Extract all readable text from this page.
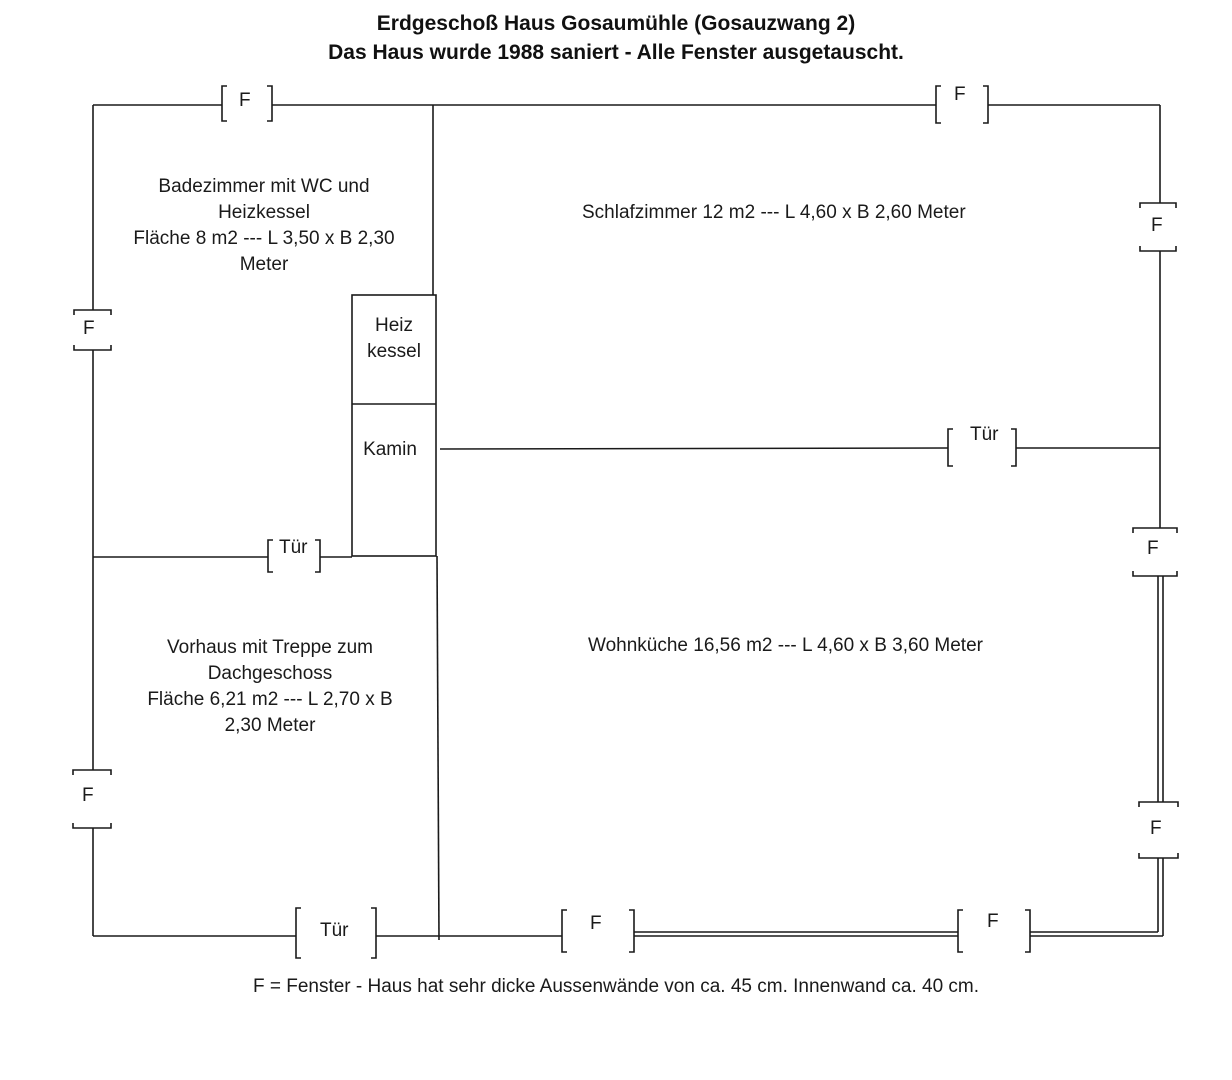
Erdgeschoß Haus Gosaumühle (Gosauzwang 2)
Das Haus wurde 1988 saniert - Alle Fenster ausgetauscht.
Badezimmer mit WC und
Heizkessel
Fläche 8 m2 --- L 3,50 x B 2,30
Meter
Schlafzimmer 12 m2 --- L 4,60 x B 2,60 Meter
Vorhaus mit Treppe zum
Dachgeschoss
Fläche 6,21 m2 --- L 2,70 x B
2,30 Meter
Wohnküche 16,56 m2 --- L 4,60 x B 3,60 Meter
Heiz
kessel
Kamin
F	F
F
F
F
F
F
F	F
Tür
Tür
Tür
F = Fenster - Haus hat sehr dicke Aussenwände von ca. 45 cm. Innenwand ca. 40 cm.
